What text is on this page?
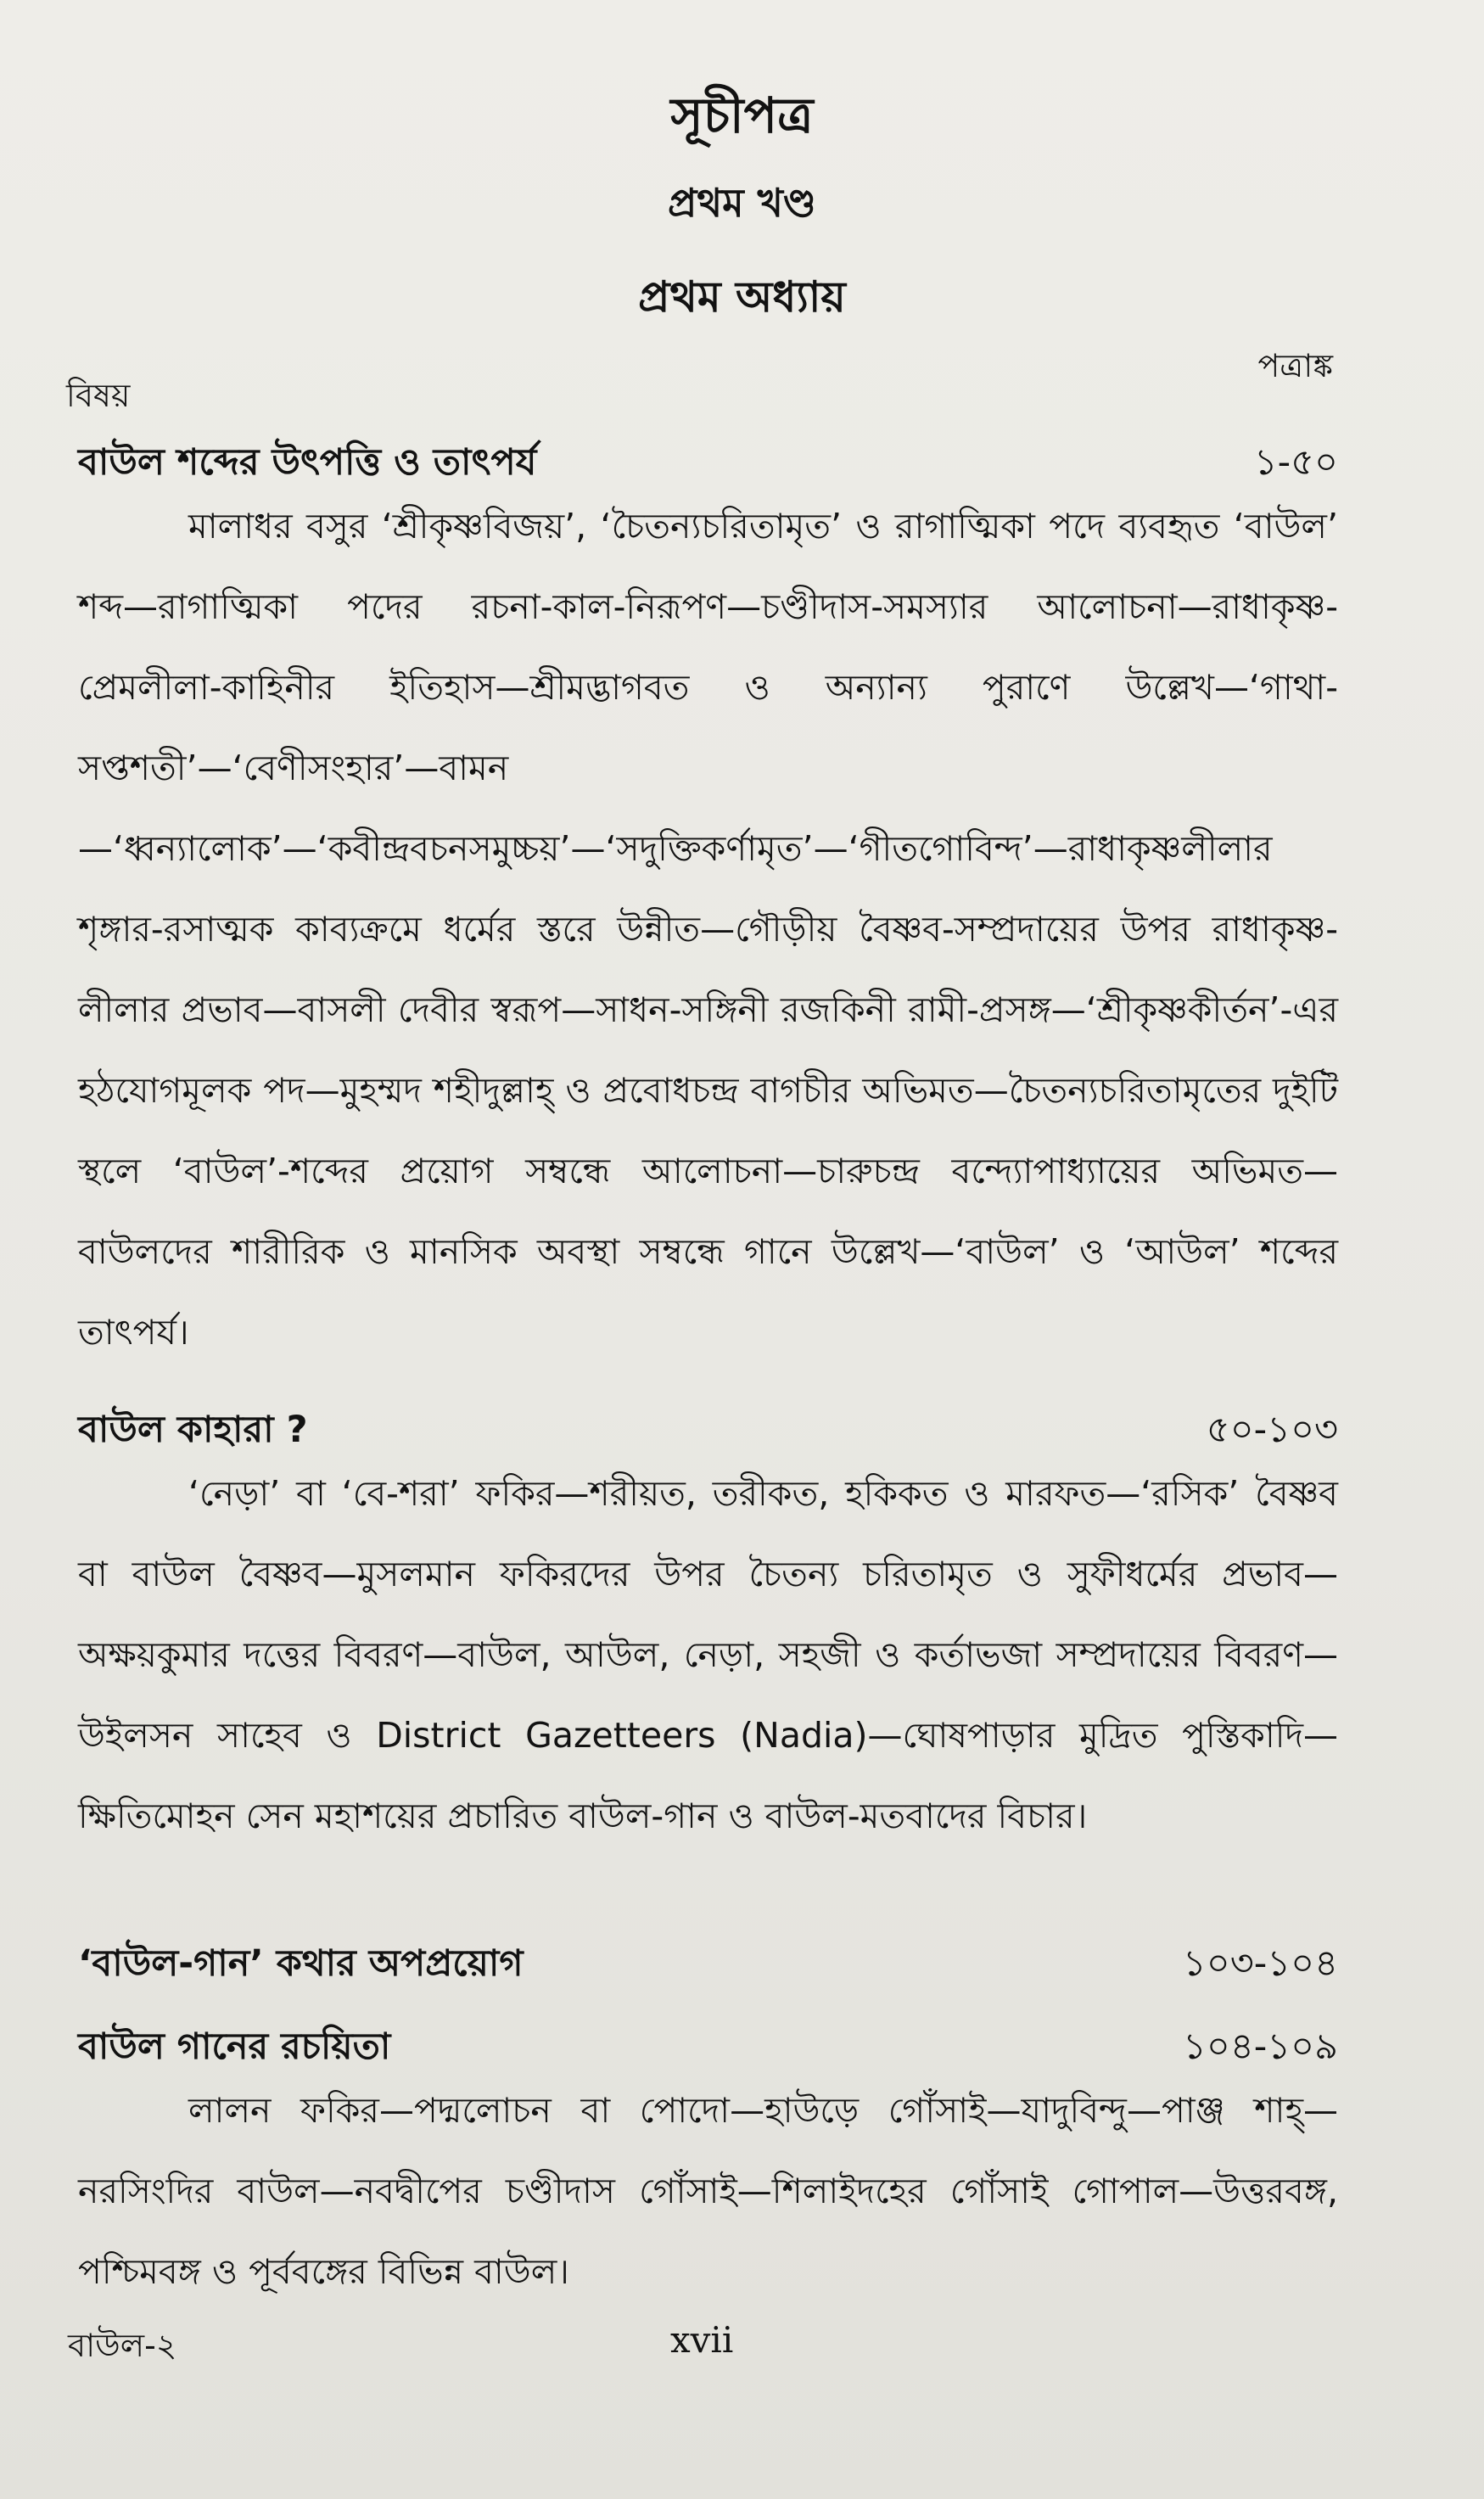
সূচীপত্র
প্রথম খণ্ড
প্রথম অধ্যায়
পত্রাঙ্ক
বিষয়
বাউল শব্দের উৎপত্তি ও তাৎপর্য	১-৫০

মালাধর বসুর ‘শ্রীকৃষ্ণবিজয়’, ‘চৈতন্যচরিতামৃত’ ও রাগাত্মিকা পদে ব্যবহৃত ‘বাউল’ শব্দ—রাগাত্মিকা পদের রচনা-কাল-নিরূপণ—চণ্ডীদাস-সমস্যার আলোচনা—রাধাকৃষ্ণ-প্রেমলীলা-কাহিনীর ইতিহাস—শ্রীমদ্ভাগবত ও অন্যান্য পুরাণে উল্লেখ—‘গাথা-সপ্তশতী’—‘বেণীসংহার’—বামন—‘ধ্বন্যালোক’—‘কবীন্দ্রবচনসমুচ্চয়’—‘সদুক্তিকর্ণামৃত’—‘গীতগোবিন্দ’—রাধাকৃষ্ণলীলার শৃঙ্গার-রসাত্মক কাব্যক্রমে ধর্মের স্তরে উন্নীত—গৌড়ীয় বৈষ্ণব-সম্প্রদায়ের উপর রাধাকৃষ্ণ-লীলার প্রভাব—বাসলী দেবীর স্বরূপ—সাধন-সঙ্গিনী রজকিনী রামী-প্রসঙ্গ—‘শ্রীকৃষ্ণকীর্তন’-এর হঠযোগমূলক পদ—মুহম্মদ শহীদুল্লাহ্ ও প্রবোধচন্দ্র বাগচীর অভিমত—চৈতন্যচরিতামৃতের দুইটি স্থলে ‘বাউল’-শব্দের প্রয়োগ সম্বন্ধে আলোচনা—চারুচন্দ্র বন্দ্যোপাধ্যায়ের অভিমত—বাউলদের শারীরিক ও মানসিক অবস্থা সম্বন্ধে গানে উল্লেখ—‘বাউল’ ও ‘আউল’ শব্দের তাৎপর্য।

বাউল কাহারা ?	৫০-১০৩

‘নেড়া’ বা ‘বে-শরা’ ফকির—শরীয়ত, তরীকত, হকিকত ও মারফত—‘রসিক’ বৈষ্ণব বা বাউল বৈষ্ণব—মুসলমান ফকিরদের উপর চৈতন্য চরিতামৃত ও সুফীধর্মের প্রভাব—অক্ষয়কুমার দত্তের বিবরণ—বাউল, আউল, নেড়া, সহজী ও কর্তাভজা সম্প্রদায়ের বিবরণ—উইলসন সাহেব ও District Gazetteers (Nadia)—ঘোষপাড়ার মুদ্রিত পুস্তিকাদি—ক্ষিতিমোহন সেন মহাশয়ের প্রচারিত বাউল-গান ও বাউল-মতবাদের বিচার।

‘বাউল-গান’ কথার অপপ্রয়োগ	১০৩-১০৪
বাউল গানের রচয়িতা	১০৪-১০৯

লালন ফকির—পদ্মলোচন বা পোদো—হাউড়ে গোঁসাই—যাদুবিন্দু—পাঞ্জ শাহ্—নরসিংদির বাউল—নবদ্বীপের চণ্ডীদাস গোঁসাই—শিলাইদহের গোঁসাই গোপাল—উত্তরবঙ্গ, পশ্চিমবঙ্গ ও পূর্ববঙ্গের বিভিন্ন বাউল।

বাউল-২	xvii
